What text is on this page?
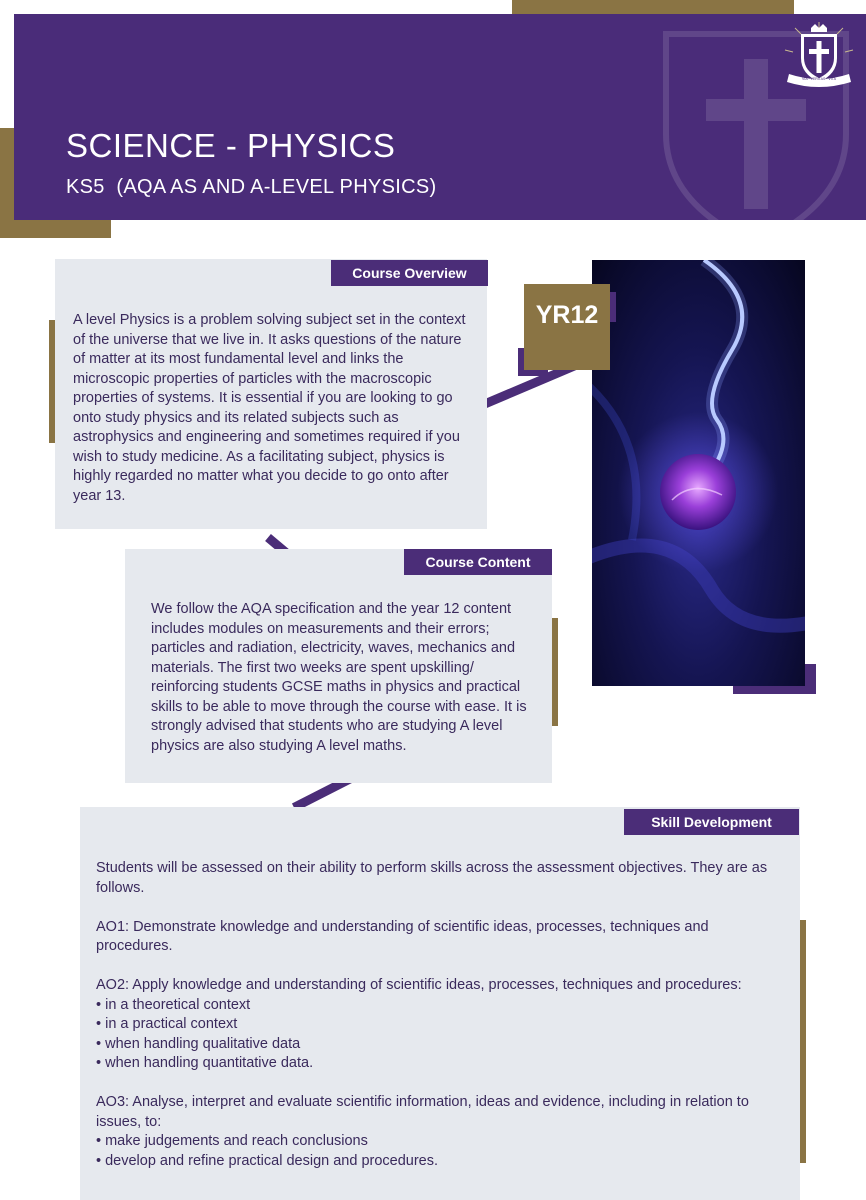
VIA · VERITAS · VITA
SCIENCE - PHYSICS
KS5  (AQA AS AND A-LEVEL PHYSICS)
YR12
Course Overview
A level Physics is a problem solving subject set in the context of the universe that we live in. It asks questions of the nature of matter at its most fundamental level and links the microscopic properties of particles with the macroscopic properties of systems. It is essential if you are looking to go onto study physics and its related subjects such as astrophysics and engineering and sometimes required if you wish to study medicine. As a facilitating subject, physics is highly regarded no matter what you decide to go onto after year 13.
Course Content
We follow the AQA specification and the year 12 content includes modules on measurements and their errors; particles and radiation, electricity, waves, mechanics and materials. The first two weeks are spent upskilling/ reinforcing students GCSE maths in physics and practical skills to be able to move through the course with ease. It is strongly advised that students who are studying A level physics are also studying A level maths.
Skill Development

Students will be assessed on their ability to perform skills across the assessment objectives. They are as follows.

AO1: Demonstrate knowledge and understanding of scientific ideas, processes, techniques and procedures.

AO2: Apply knowledge and understanding of scientific ideas, processes, techniques and procedures:
• in a theoretical context
• in a practical context
• when handling qualitative data
• when handling quantitative data.

AO3: Analyse, interpret and evaluate scientific information, ideas and evidence, including in relation to issues, to:
• make judgements and reach conclusions
• develop and refine practical design and procedures.
